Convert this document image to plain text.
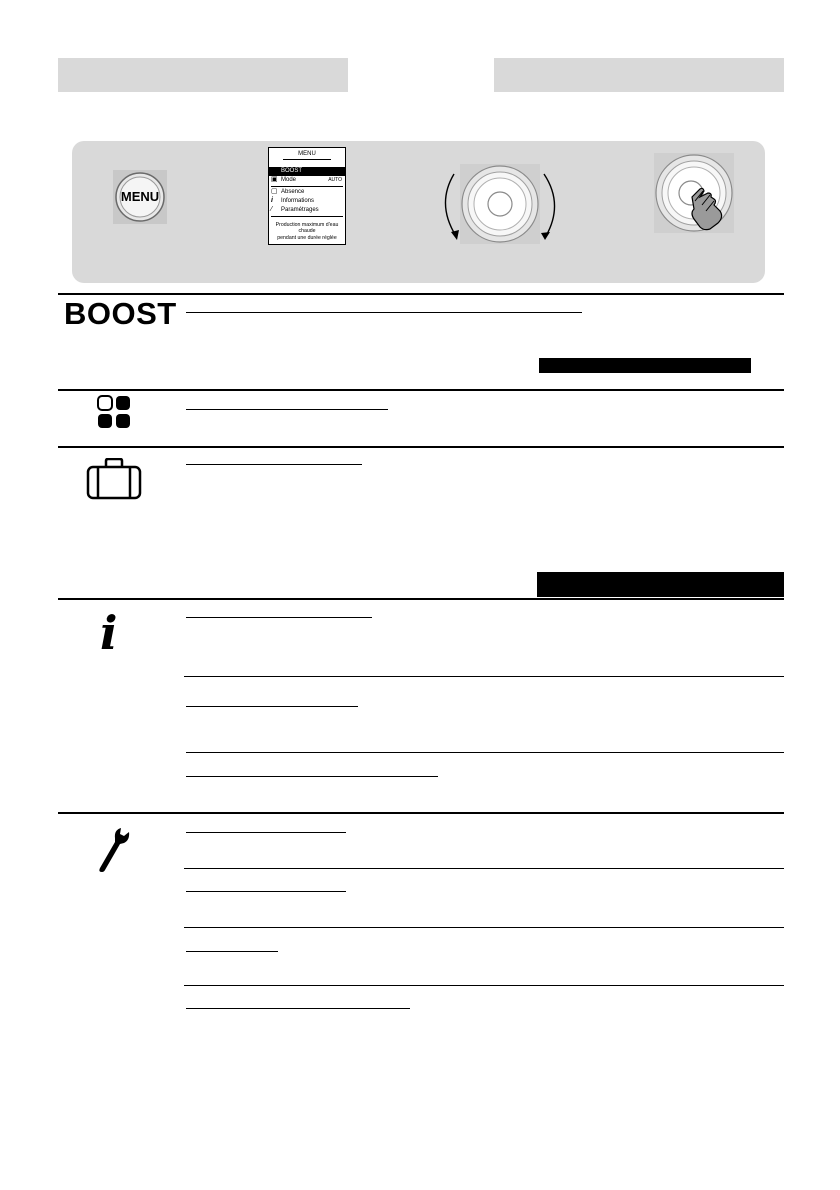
MENU
MENU
BOOST
▣ Mode	AUTO
▢ Absence
i Informations
⁄ Paramétrages
Production maximum d'eau chaude
pendant une durée réglée
BOOST
i
